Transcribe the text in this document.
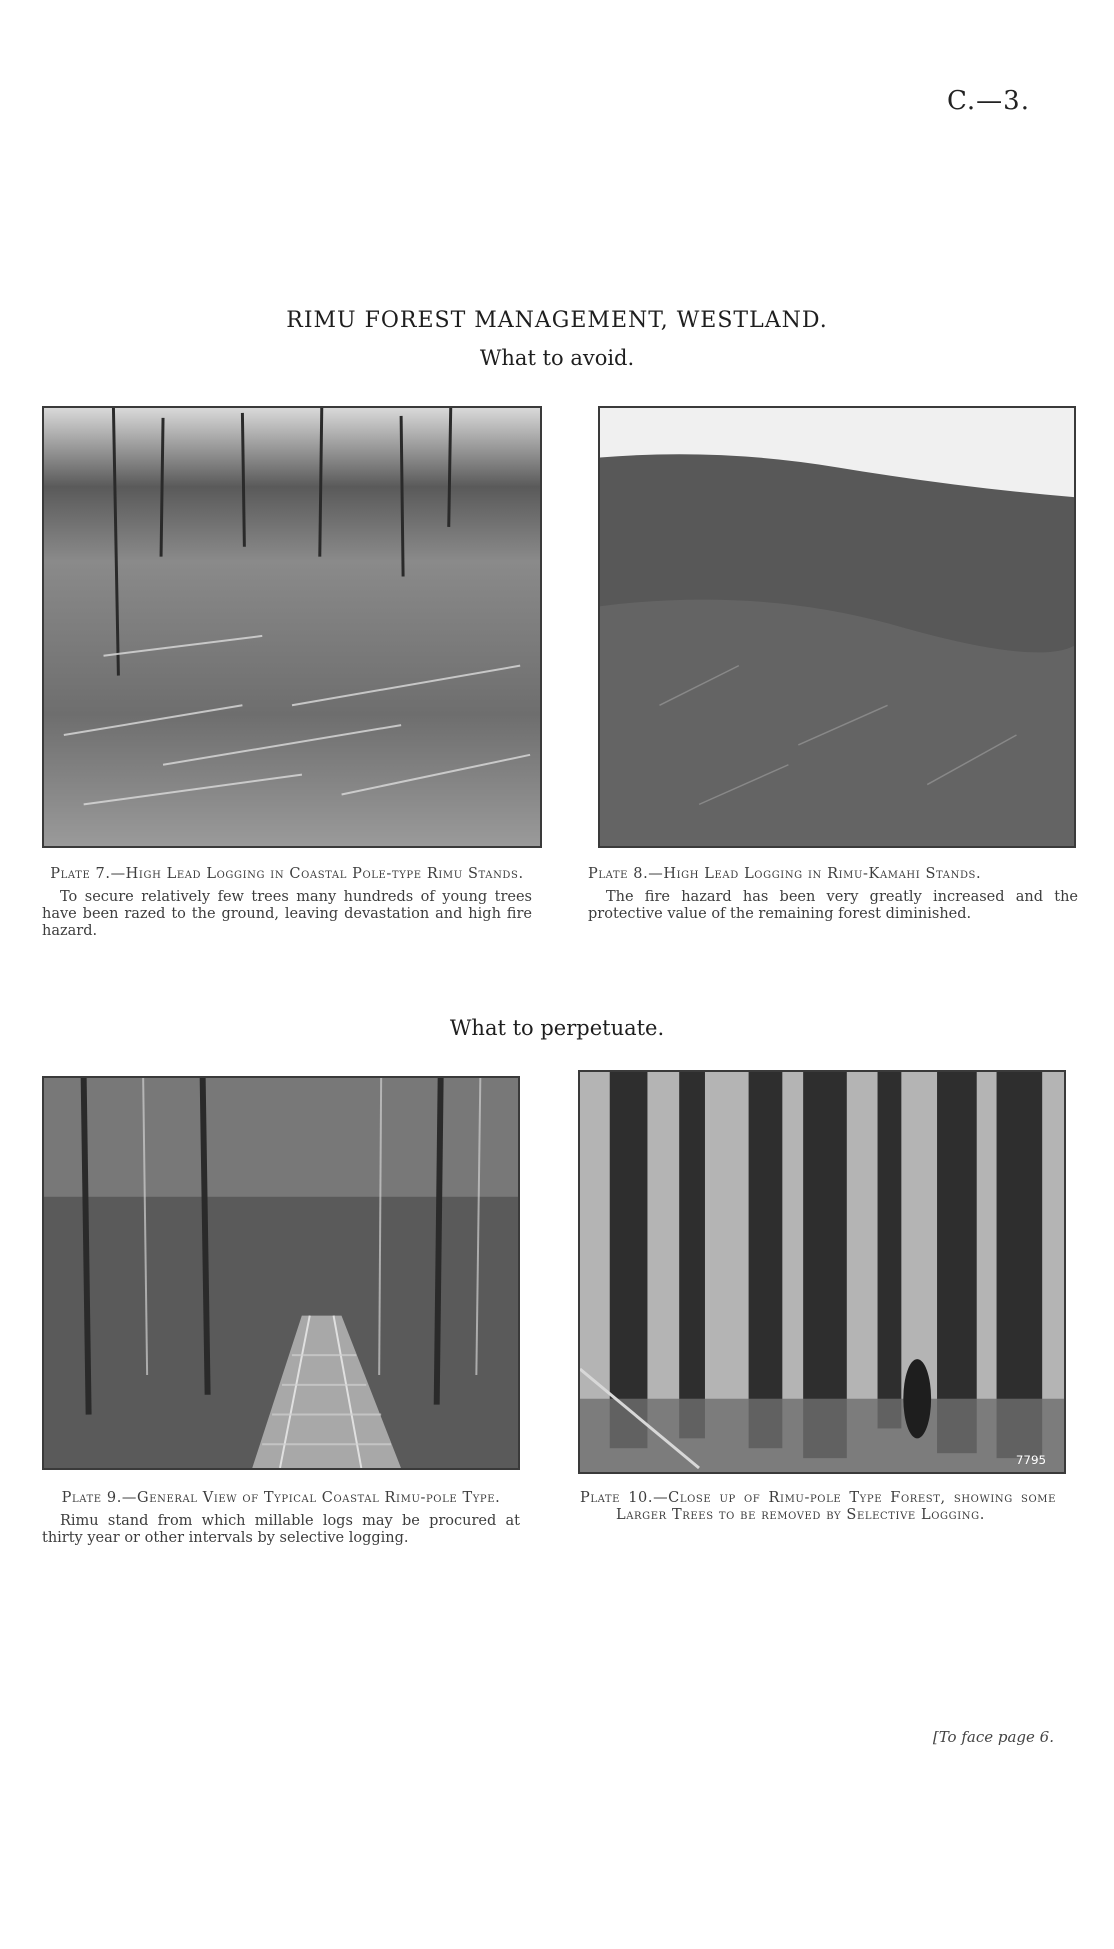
C.—3.
RIMU FOREST MANAGEMENT, WESTLAND.
What to avoid.
Plate 7.—High Lead Logging in Coastal Pole-type Rimu Stands.
To secure relatively few trees many hundreds of young trees have been razed to the ground, leaving devastation and high fire hazard.
Plate 8.—High Lead Logging in Rimu-Kamahi Stands.
The fire hazard has been very greatly increased and the protective value of the remaining forest diminished.
What to perpetuate.
7795
Plate 9.—General View of Typical Coastal Rimu-pole Type.
Rimu stand from which millable logs may be procured at thirty year or other intervals by selective logging.
Plate 10.—Close up of Rimu-pole Type Forest, showing some Larger Trees to be removed by Selective Logging.
[To face page 6.
